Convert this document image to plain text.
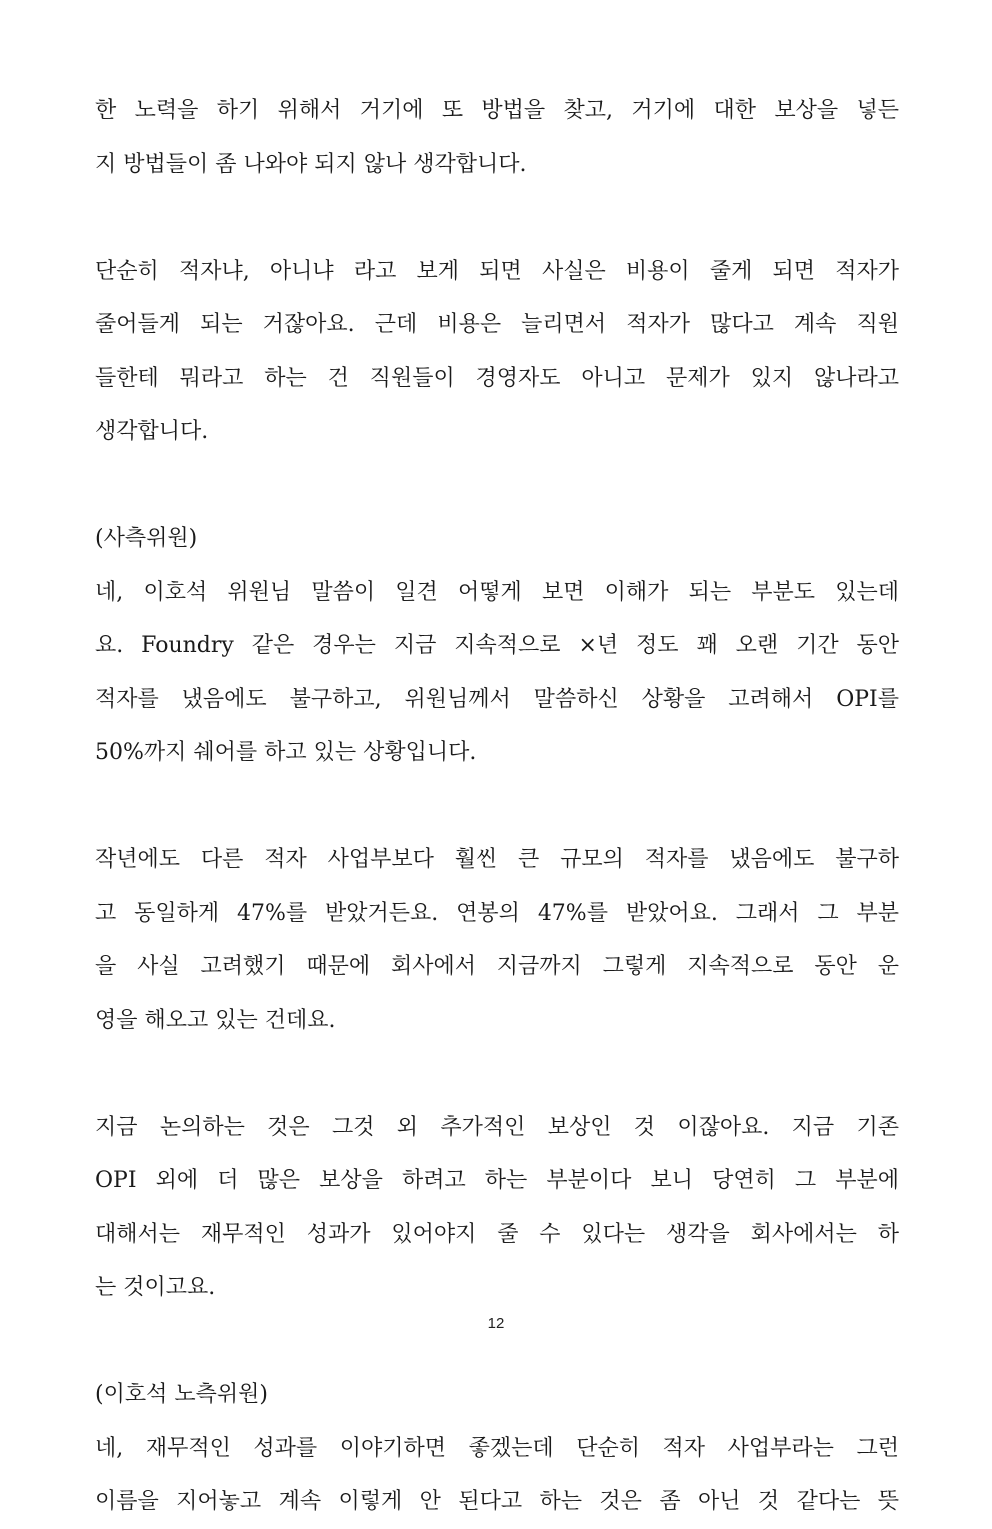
한 노력을 하기 위해서 거기에 또 방법을 찾고, 거기에 대한 보상을 넣든
지 방법들이 좀 나와야 되지 않나 생각합니다.
단순히 적자냐, 아니냐 라고 보게 되면 사실은 비용이 줄게 되면 적자가
줄어들게 되는 거잖아요. 근데 비용은 늘리면서 적자가 많다고 계속 직원
들한테 뭐라고 하는 건 직원들이 경영자도 아니고 문제가 있지 않나라고
생각합니다.
(사측위원)
네, 이호석 위원님 말씀이 일견 어떻게 보면 이해가 되는 부분도 있는데
요. Foundry 같은 경우는 지금 지속적으로 ×년 정도 꽤 오랜 기간 동안
적자를 냈음에도 불구하고, 위원님께서 말씀하신 상황을 고려해서 OPI를
50%까지 쉐어를 하고 있는 상황입니다.
작년에도 다른 적자 사업부보다 훨씬 큰 규모의 적자를 냈음에도 불구하
고 동일하게 47%를 받았거든요. 연봉의 47%를 받았어요. 그래서 그 부분
을 사실 고려했기 때문에 회사에서 지금까지 그렇게 지속적으로 동안 운
영을 해오고 있는 건데요.
지금 논의하는 것은 그것 외 추가적인 보상인 것 이잖아요. 지금 기존
OPI 외에 더 많은 보상을 하려고 하는 부분이다 보니 당연히 그 부분에
대해서는 재무적인 성과가 있어야지 줄 수 있다는 생각을 회사에서는 하
는 것이고요.
(이호석 노측위원)
네, 재무적인 성과를 이야기하면 좋겠는데 단순히 적자 사업부라는 그런
이름을 지어놓고 계속 이렇게 안 된다고 하는 것은 좀 아닌 것 같다는 뜻
12
